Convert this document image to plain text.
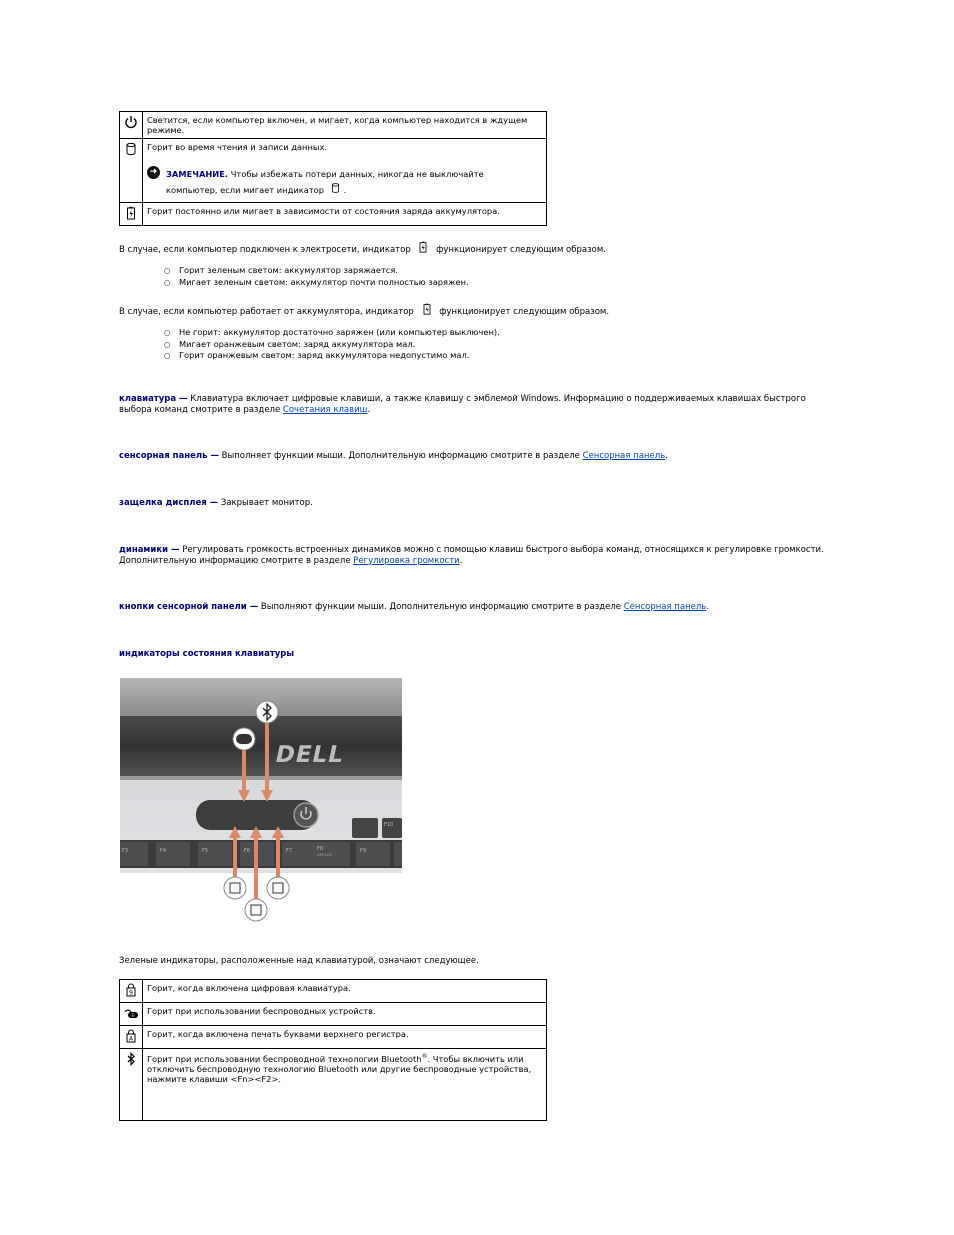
	Светится, если компьютер включен, и мигает, когда компьютер находится в ждущем режиме.

Горит во время чтения и записи данных.
➜ ЗАМЕЧАНИЕ. Чтобы избежать потери данных, никогда не выключайте компьютер, если мигает индикатор .

	Горит постоянно или мигает в зависимости от состояния заряда аккумулятора.
В случае, если компьютер подключен к электросети, индикатор	функционирует следующим образом.
○ Горит зеленым светом: аккумулятор заряжается.
○ Мигает зеленым светом: аккумулятор почти полностью заряжен.
В случае, если компьютер работает от аккумулятора, индикатор	функционирует следующим образом.
○ Не горит: аккумулятор достаточно заряжен (или компьютер выключен).
○ Мигает оранжевым светом: заряд аккумулятора мал.
○ Горит оранжевым светом: заряд аккумулятора недопустимо мал.
клавиатура — Клавиатура включает цифровые клавиши, а также клавишу с эмблемой Windows. Информацию о поддерживаемых клавишах быстрого выбора команд смотрите в разделе Сочетания клавиш.
сенсорная панель — Выполняет функции мыши. Дополнительную информацию смотрите в разделе Сенсорная панель.
защелка дисплея — Закрывает монитор.
динамики — Регулировать громкость встроенных динамиков можно с помощью клавиш быстрого выбора команд, относящихся к регулировке громкости. Дополнительную информацию смотрите в разделе Регулировка громкости.
кнопки сенсорной панели — Выполняют функции мыши. Дополнительную информацию смотрите в разделе Сенсорная панель.
индикаторы состояния клавиатуры
DELL
F3	F4	F5	F6	F7	F8
CRT/LCD
F9
F10
Зеленые индикаторы, расположенные над клавиатурой, означают следующее.
9	Горит, когда включена цифровая клавиатура.

Fi	Горит при использовании беспроводных устройств.

A	Горит, когда включена печать буквами верхнего регистра.
	Горит при использовании беспроводной технологии Bluetooth®. Чтобы включить или отключить беспроводную технологию Bluetooth или другие беспроводные устройства, нажмите клавиши <Fn><F2>.
